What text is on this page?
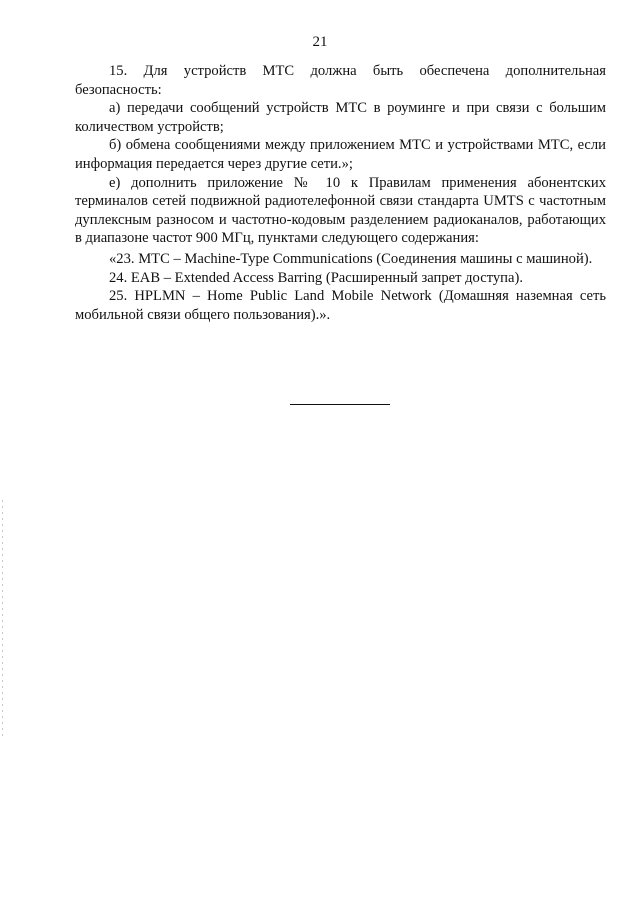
21

15. Для устройств МТС должна быть обеспечена дополнительная безопасность:

а) передачи сообщений устройств МТС в роуминге и при связи с большим количеством устройств;

б) обмена сообщениями между приложением МТС и устройствами МТС, если информация передается через другие сети.»;

е) дополнить приложение № 10 к Правилам применения абонентских терминалов сетей подвижной радиотелефонной связи стандарта UMTS с частотным дуплексным разносом и частотно-кодовым разделением радиоканалов, работающих в диапазоне частот 900 МГц, пунктами следующего содержания:

«23. МТС – Machine-Type Communications (Соединения машины с машиной).

24. EAB – Extended Access Barring (Расширенный запрет доступа).

25. HPLMN – Home Public Land Mobile Network (Домашняя наземная сеть мобильной связи общего пользования).».
